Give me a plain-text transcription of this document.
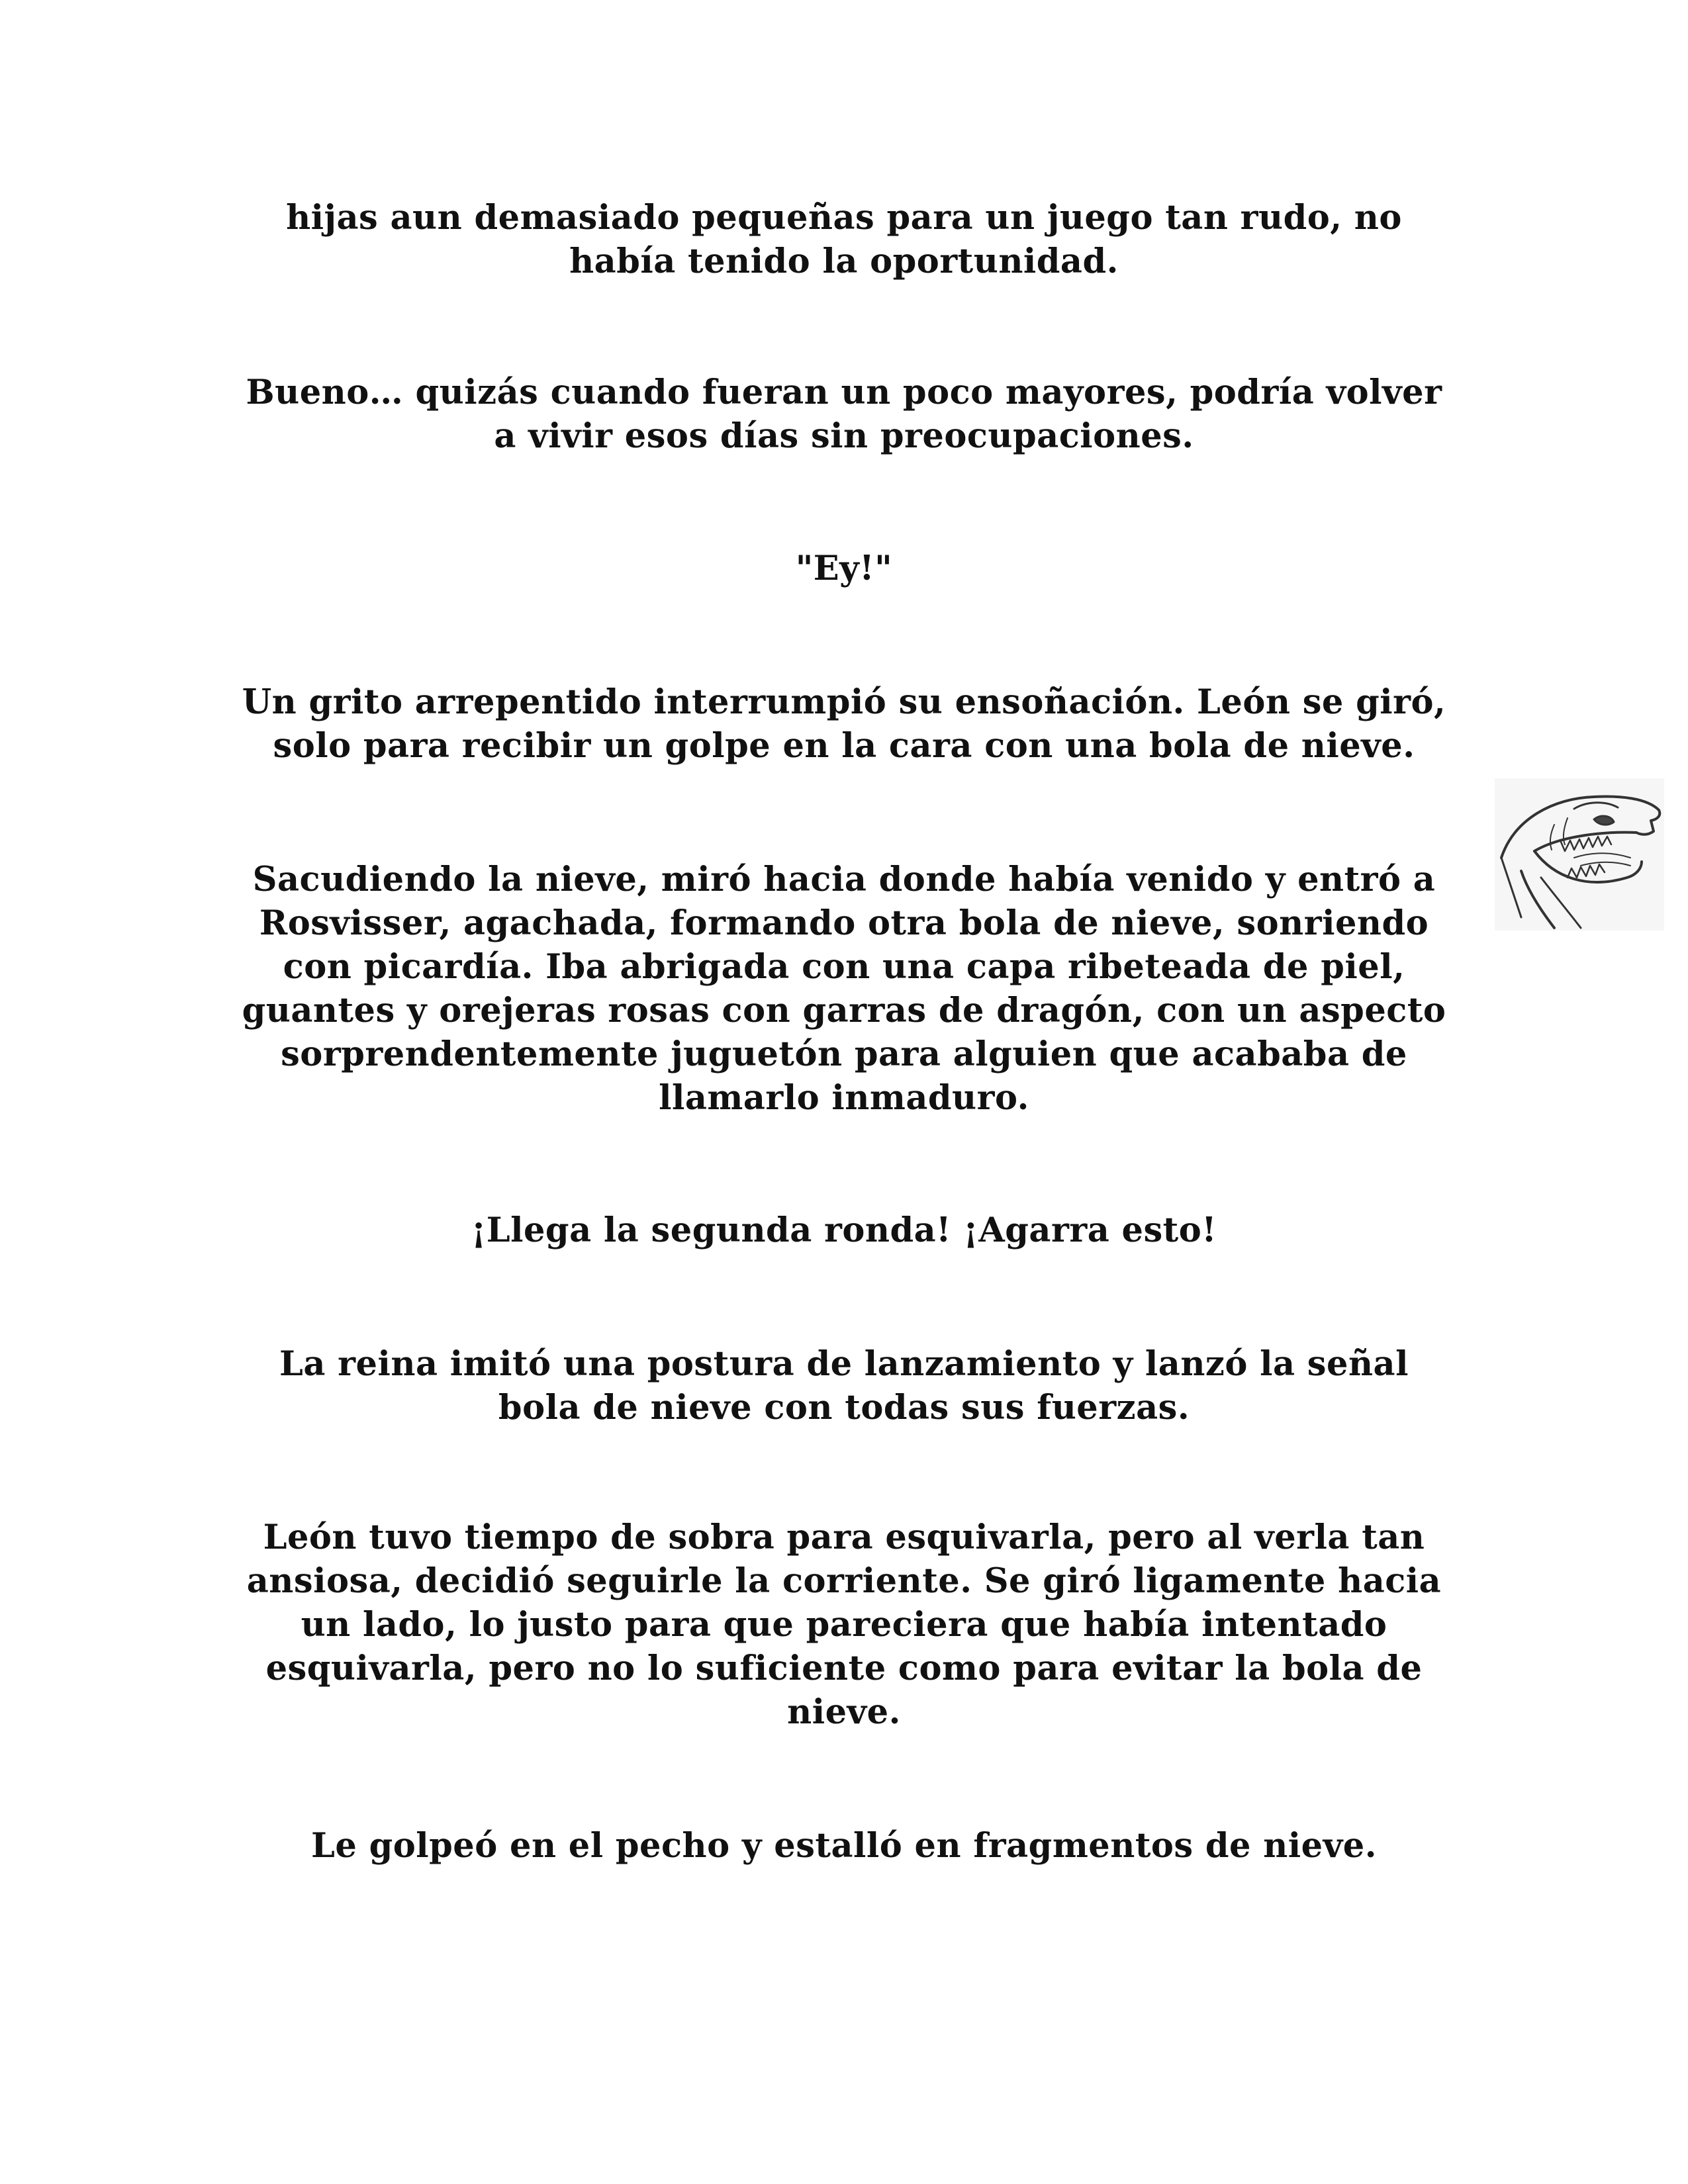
hijas aun demasiado pequeñas para un juego tan rudo, no
había tenido la oportunidad.

Bueno… quizás cuando fueran un poco mayores, podría volver
a vivir esos días sin preocupaciones.

"Ey!"

Un grito arrepentido interrumpió su ensoñación. León se giró,
solo para recibir un golpe en la cara con una bola de nieve.

Sacudiendo la nieve, miró hacia donde había venido y entró a
Rosvisser, agachada, formando otra bola de nieve, sonriendo
con picardía. Iba abrigada con una capa ribeteada de piel,
guantes y orejeras rosas con garras de dragón, con un aspecto
sorprendentemente juguetón para alguien que acababa de
llamarlo inmaduro.

¡Llega la segunda ronda! ¡Agarra esto!

La reina imitó una postura de lanzamiento y lanzó la señal
bola de nieve con todas sus fuerzas.

León tuvo tiempo de sobra para esquivarla, pero al verla tan
ansiosa, decidió seguirle la corriente. Se giró ligamente hacia
un lado, lo justo para que pareciera que había intentado
esquivarla, pero no lo suficiente como para evitar la bola de
nieve.

Le golpeó en el pecho y estalló en fragmentos de nieve.
